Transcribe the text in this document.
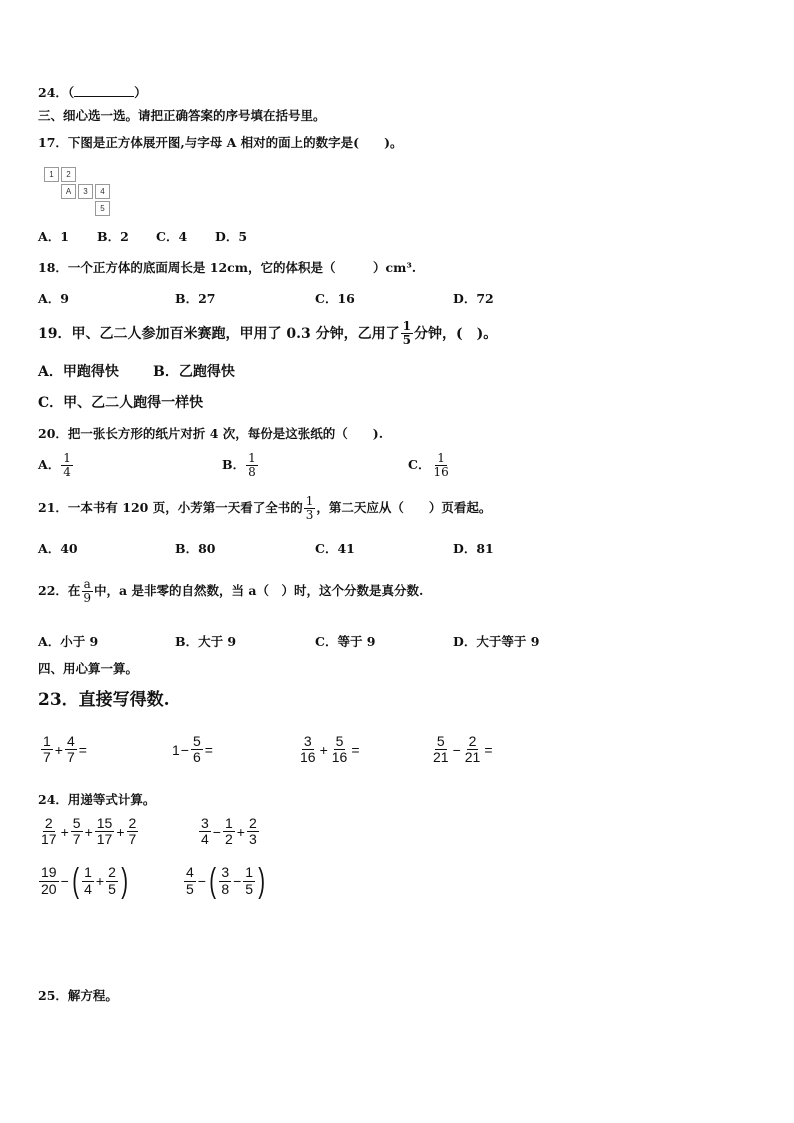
24．（	）
三、细心选一选。请把正确答案的序号填在括号里。
17．下图是正方体展开图,与字母 A 相对的面上的数字是(　　)。
1	2
A	3	4
5
A．1 B．2 C．4 D．5
18．一个正方体的底面周长是 12cm，它的体积是（　　　）cm³.
A．9	B．27	C．16	D．72
19．甲、乙二人参加百米赛跑，甲用了 0.3 分钟，乙用了 $\frac{1}{5}$ 分钟，(　)。
A．甲跑得快 B．乙跑得快
C．甲、乙二人跑得一样快
20．把一张长方形的纸片对折 4 次，每份是这张纸的（　　).
A． $\frac{1}{4}$	B． $\frac{1}{8}$	C． $\frac{1}{16}$
21．一本书有 120 页，小芳第一天看了全书的 $\frac{1}{3}$ ，第二天应从（　　）页看起。
A．40	B．80	C．41	D．81
22．在 $\frac{a}{9}$ 中，a 是非零的自然数，当 a（　）时，这个分数是真分数.
A．小于 9	B．大于 9	C．等于 9	D．大于等于 9
四、用心算一算。
23．直接写得数.
$\frac{1}{7} + \frac{4}{7}$ =	$1 - \frac{5}{6}$ =	$\frac{3}{16} + \frac{5}{16}$ =	$\frac{5}{21} - \frac{2}{21}$ =
24．用递等式计算。
$\frac{2}{17} + \frac{5}{7} + \frac{15}{17} + \frac{2}{7}$	$\frac{3}{4} - \frac{1}{2} + \frac{2}{3}$
$\frac{19}{20}$ − ( $\frac{1}{4} + \frac{2}{5}$ )	$\frac{4}{5}$ − ( $\frac{3}{8} - \frac{1}{5}$ )
25．解方程。
